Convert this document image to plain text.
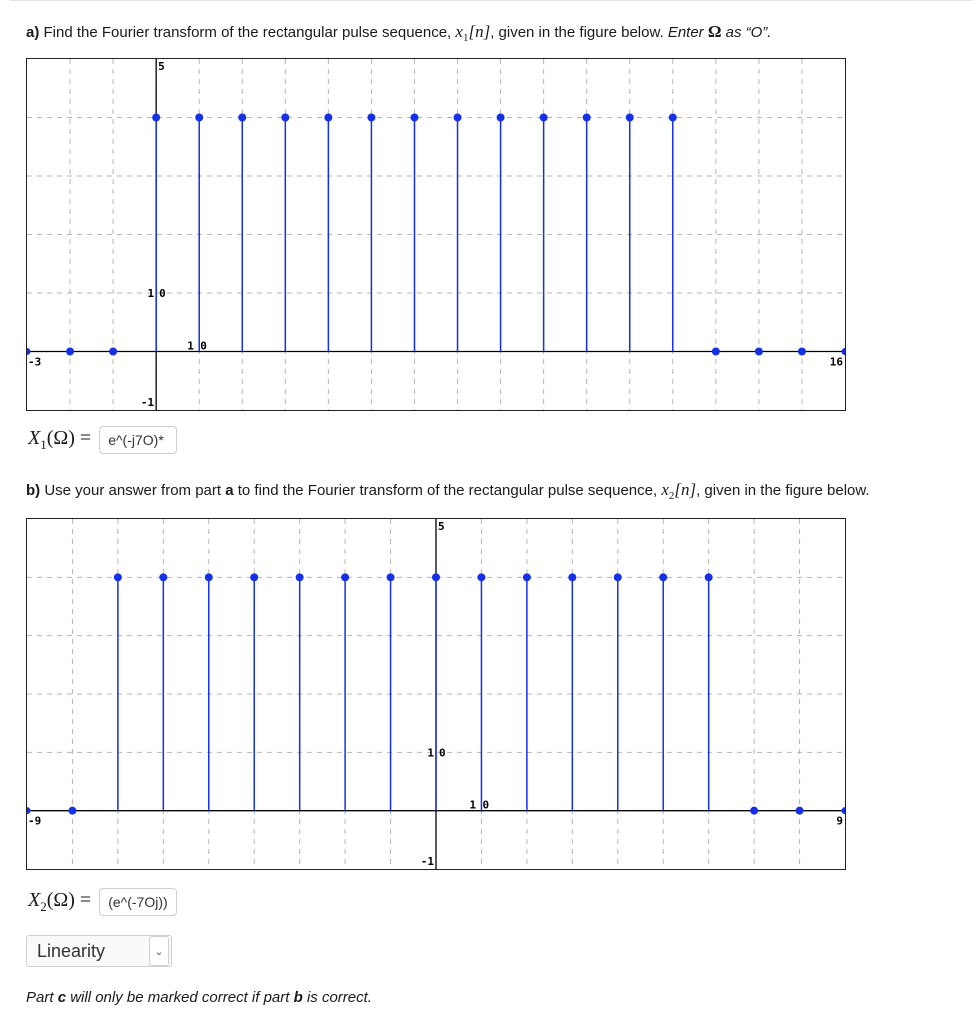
a) Find the Fourier transform of the rectangular pulse sequence, $x_1[n]$, given in the figure below. Enter Ω as “O”.
5
-1
1 0
-3	16
1 0
$X_1(\Omega)$ =	e^(-j7O)*
b) Use your answer from part a to find the Fourier transform of the rectangular pulse sequence, $x_2[n]$, given in the figure below.
5
-1
1 0
-9	9
1 0
$X_2(\Omega)$ =	(e^(-7Oj))
Linearity	⌄
Part c will only be marked correct if part b is correct.
